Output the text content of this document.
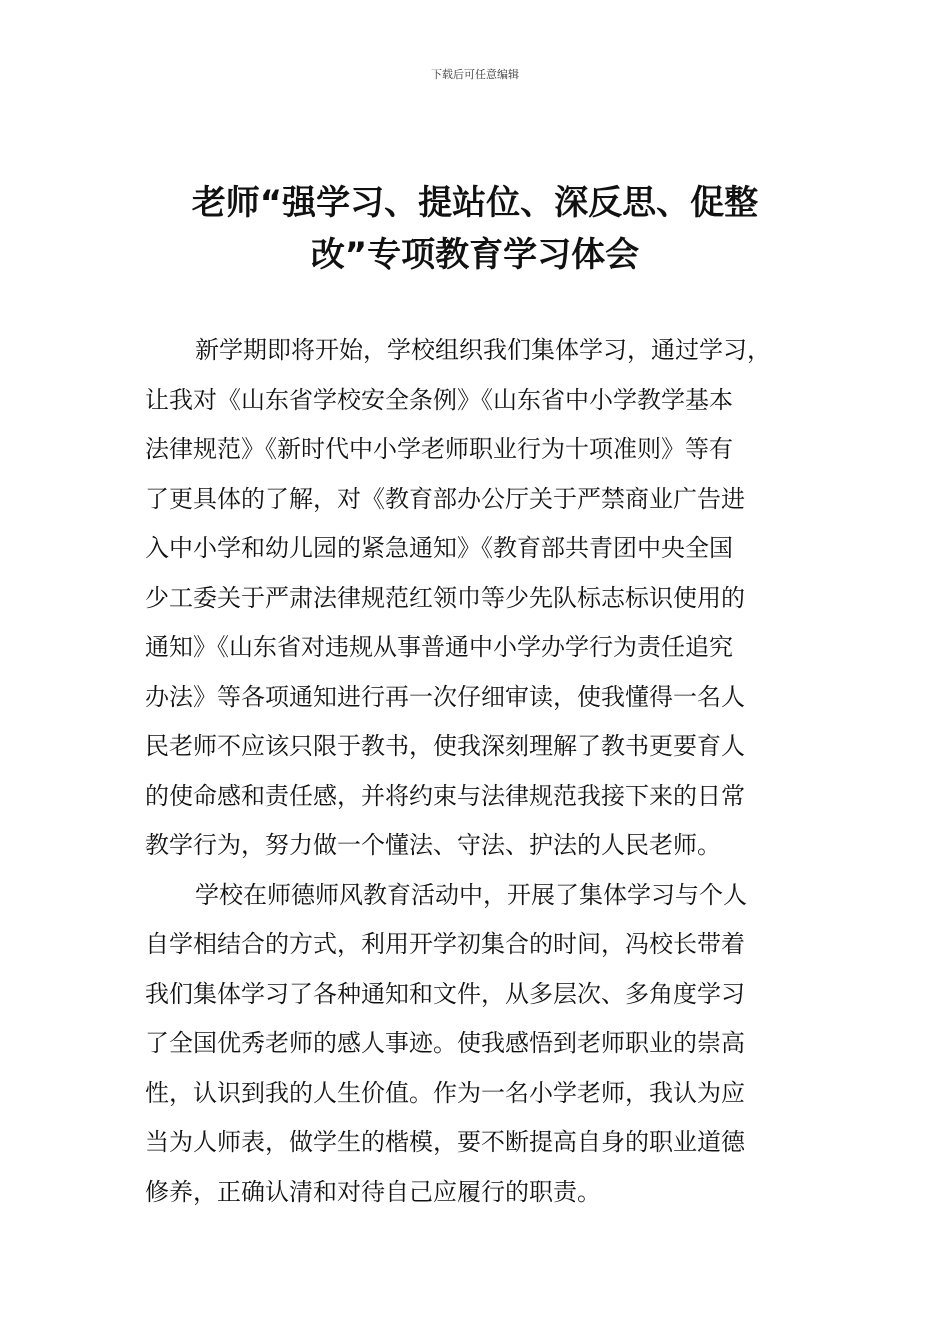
下载后可任意编辑
老师“强学习、提站位、深反思、促整
改”专项教育学习体会
新学期即将开始，学校组织我们集体学习，通过学习，
让我对《山东省学校安全条例》《山东省中小学教学基本
法律规范》《新时代中小学老师职业行为十项准则》等有
了更具体的了解，对《教育部办公厅关于严禁商业广告进
入中小学和幼儿园的紧急通知》《教育部共青团中央全国
少工委关于严肃法律规范红领巾等少先队标志标识使用的
通知》《山东省对违规从事普通中小学办学行为责任追究
办法》等各项通知进行再一次仔细审读，使我懂得一名人
民老师不应该只限于教书，使我深刻理解了教书更要育人
的使命感和责任感，并将约束与法律规范我接下来的日常
教学行为，努力做一个懂法、守法、护法的人民老师。
学校在师德师风教育活动中，开展了集体学习与个人
自学相结合的方式，利用开学初集合的时间，冯校长带着
我们集体学习了各种通知和文件，从多层次、多角度学习
了全国优秀老师的感人事迹。使我感悟到老师职业的崇高
性，认识到我的人生价值。作为一名小学老师，我认为应
当为人师表，做学生的楷模，要不断提高自身的职业道德
修养，正确认清和对待自己应履行的职责。
